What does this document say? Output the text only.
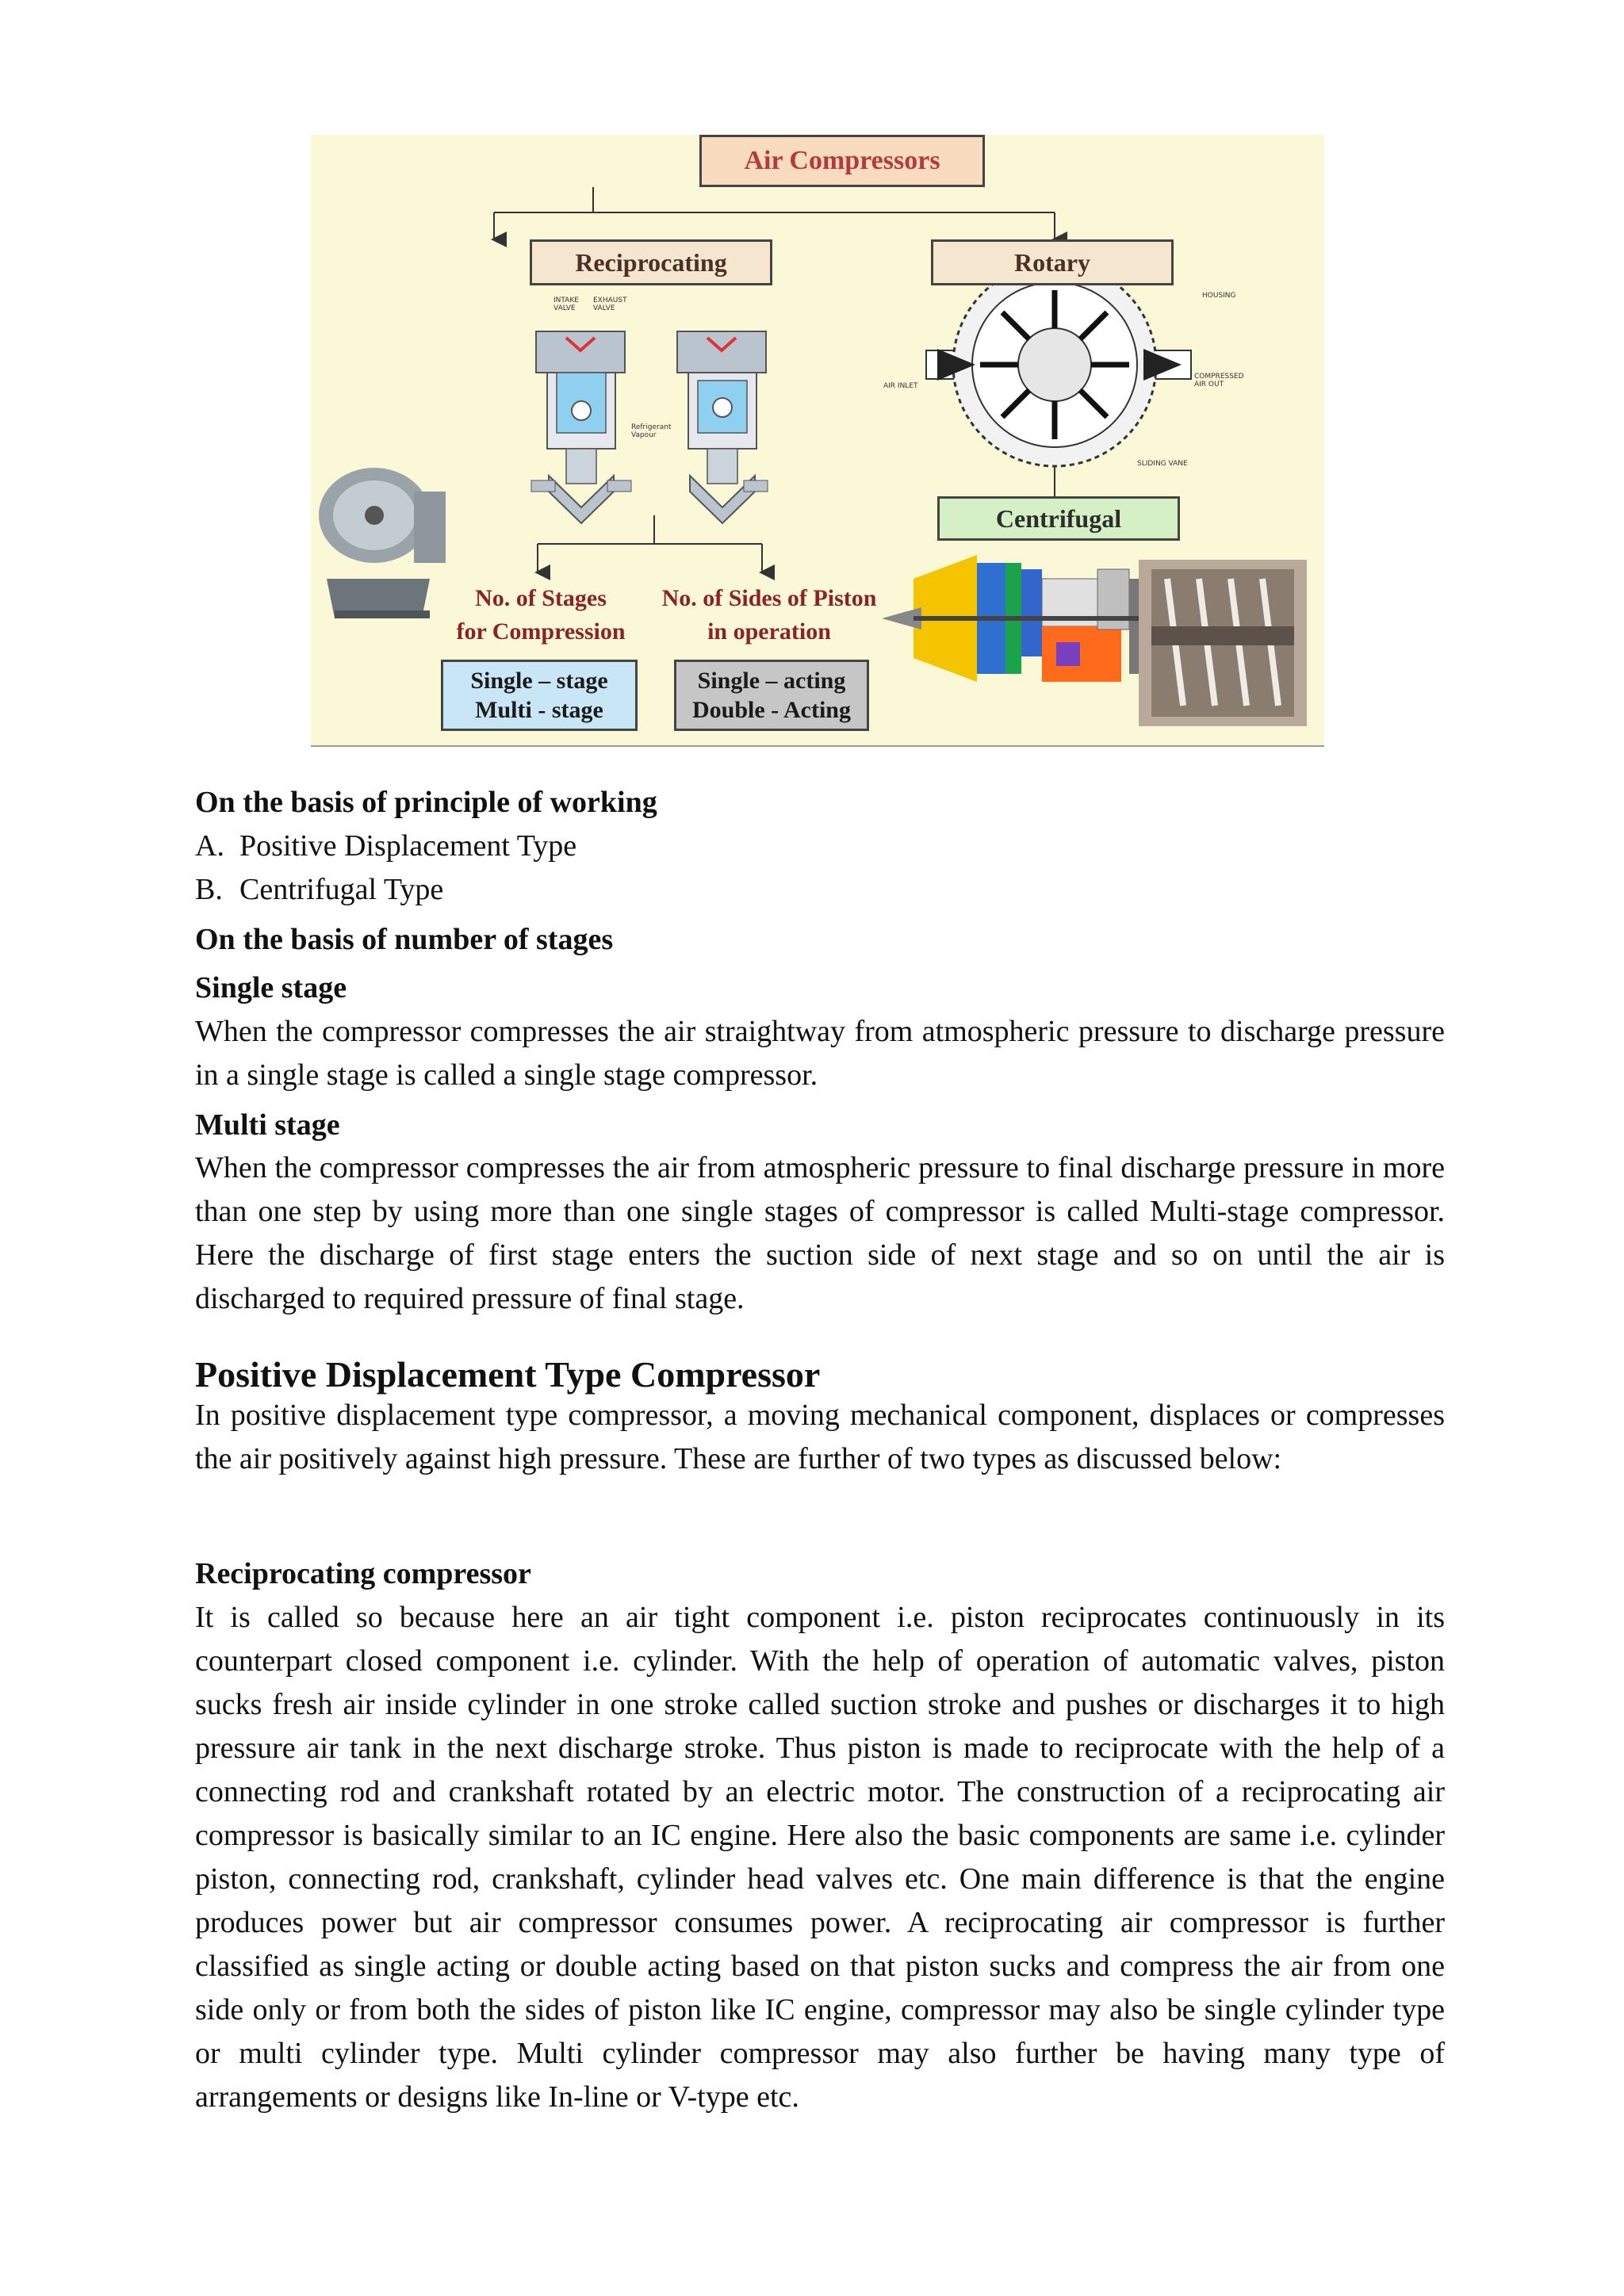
Air Compressors
Reciprocating	Rotary
Centrifugal
No. of Stages
for Compression
No. of Sides of Piston
in operation
Single – stage
Multi - stage
Single – acting
Double - Acting
INTAKE VALVE
EXHAUST VALVE
Refrigerant Vapour
HOUSING
AIR INLET
COMPRESSED AIR OUT
SLIDING VANE
On the basis of principle of working
A. Positive Displacement Type
B. Centrifugal Type
On the basis of number of stages
Single stage
When the compressor compresses the air straightway from atmospheric pressure to discharge pressure in a single stage is called a single stage compressor.
Multi stage
When the compressor compresses the air from atmospheric pressure to final discharge pressure in more than one step by using more than one single stages of compressor is called Multi-stage compressor. Here the discharge of first stage enters the suction side of next stage and so on until the air is discharged to required pressure of final stage.
Positive Displacement Type Compressor
In positive displacement type compressor, a moving mechanical component, displaces or compresses the air positively against high pressure. These are further of two types as discussed below:
Reciprocating compressor
It is called so because here an air tight component i.e. piston reciprocates continuously in its counterpart closed component i.e. cylinder. With the help of operation of automatic valves, piston sucks fresh air inside cylinder in one stroke called suction stroke and pushes or discharges it to high pressure air tank in the next discharge stroke. Thus piston is made to reciprocate with the help of a connecting rod and crankshaft rotated by an electric motor. The construction of a reciprocating air compressor is basically similar to an IC engine. Here also the basic components are same i.e. cylinder piston, connecting rod, crankshaft, cylinder head valves etc. One main difference is that the engine produces power but air compressor consumes power. A reciprocating air compressor is further classified as single acting or double acting based on that piston sucks and compress the air from one side only or from both the sides of piston like IC engine, compressor may also be single cylinder type or multi cylinder type. Multi cylinder compressor may also further be having many type of arrangements or designs like In-line or V-type etc.
